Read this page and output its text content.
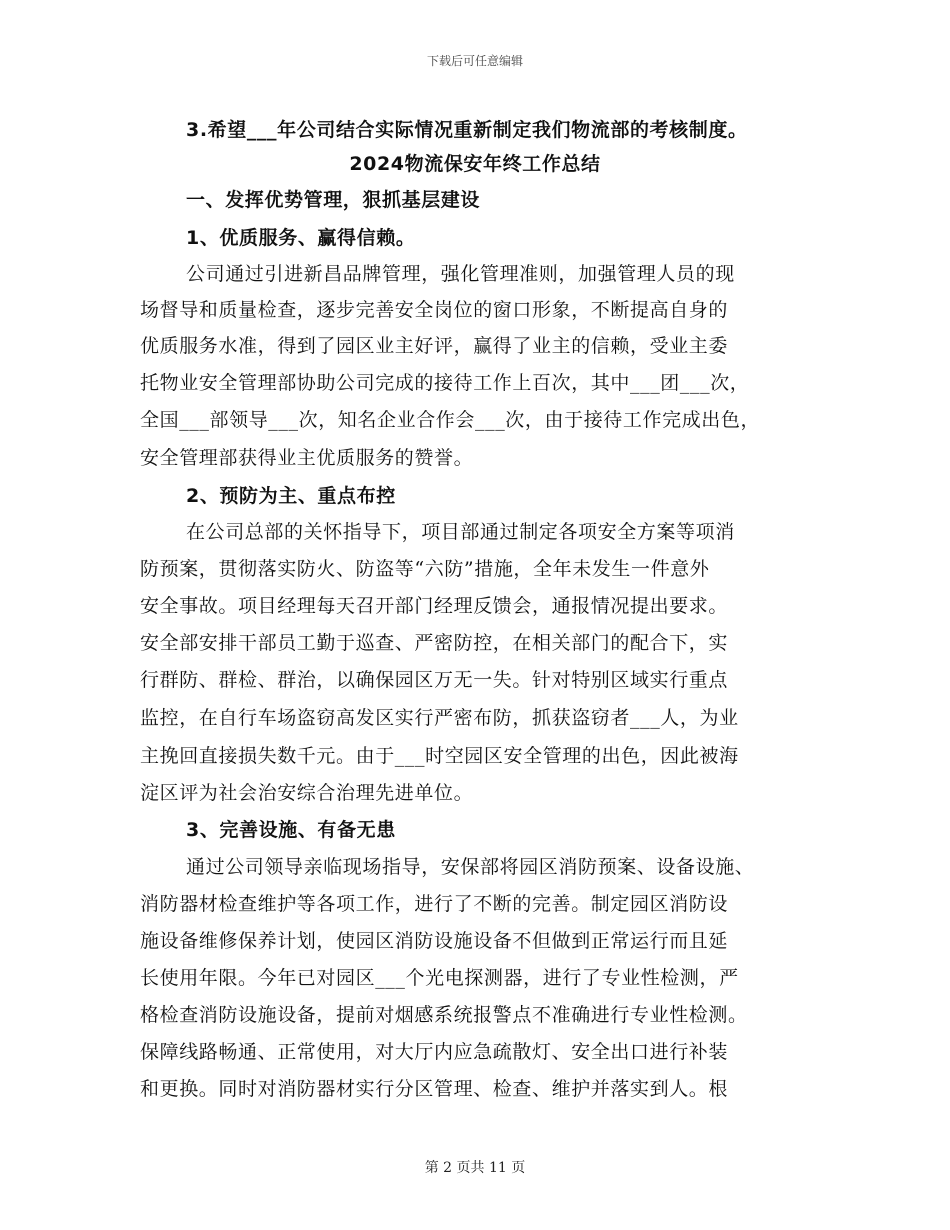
下载后可任意编辑
3.希望___年公司结合实际情况重新制定我们物流部的考核制度。
2024物流保安年终工作总结
一、发挥优势管理，狠抓基层建设
1、优质服务、赢得信赖。
公司通过引进新昌品牌管理，强化管理准则，加强管理人员的现
场督导和质量检查，逐步完善安全岗位的窗口形象，不断提高自身的
优质服务水准，得到了园区业主好评，赢得了业主的信赖，受业主委
托物业安全管理部协助公司完成的接待工作上百次，其中___团___次，
全国___部领导___次，知名企业合作会___次，由于接待工作完成出色，
安全管理部获得业主优质服务的赞誉。
2、预防为主、重点布控
在公司总部的关怀指导下，项目部通过制定各项安全方案等项消
防预案，贯彻落实防火、防盗等“六防”措施，全年未发生一件意外
安全事故。项目经理每天召开部门经理反馈会，通报情况提出要求。
安全部安排干部员工勤于巡查、严密防控，在相关部门的配合下，实
行群防、群检、群治，以确保园区万无一失。针对特别区域实行重点
监控，在自行车场盗窃高发区实行严密布防，抓获盗窃者___人，为业
主挽回直接损失数千元。由于___时空园区安全管理的出色，因此被海
淀区评为社会治安综合治理先进单位。
3、完善设施、有备无患
通过公司领导亲临现场指导，安保部将园区消防预案、设备设施、
消防器材检查维护等各项工作，进行了不断的完善。制定园区消防设
施设备维修保养计划，使园区消防设施设备不但做到正常运行而且延
长使用年限。今年已对园区___个光电探测器，进行了专业性检测，严
格检查消防设施设备，提前对烟感系统报警点不准确进行专业性检测。
保障线路畅通、正常使用，对大厅内应急疏散灯、安全出口进行补装
和更换。同时对消防器材实行分区管理、检查、维护并落实到人。根
第 2 页共 11 页
